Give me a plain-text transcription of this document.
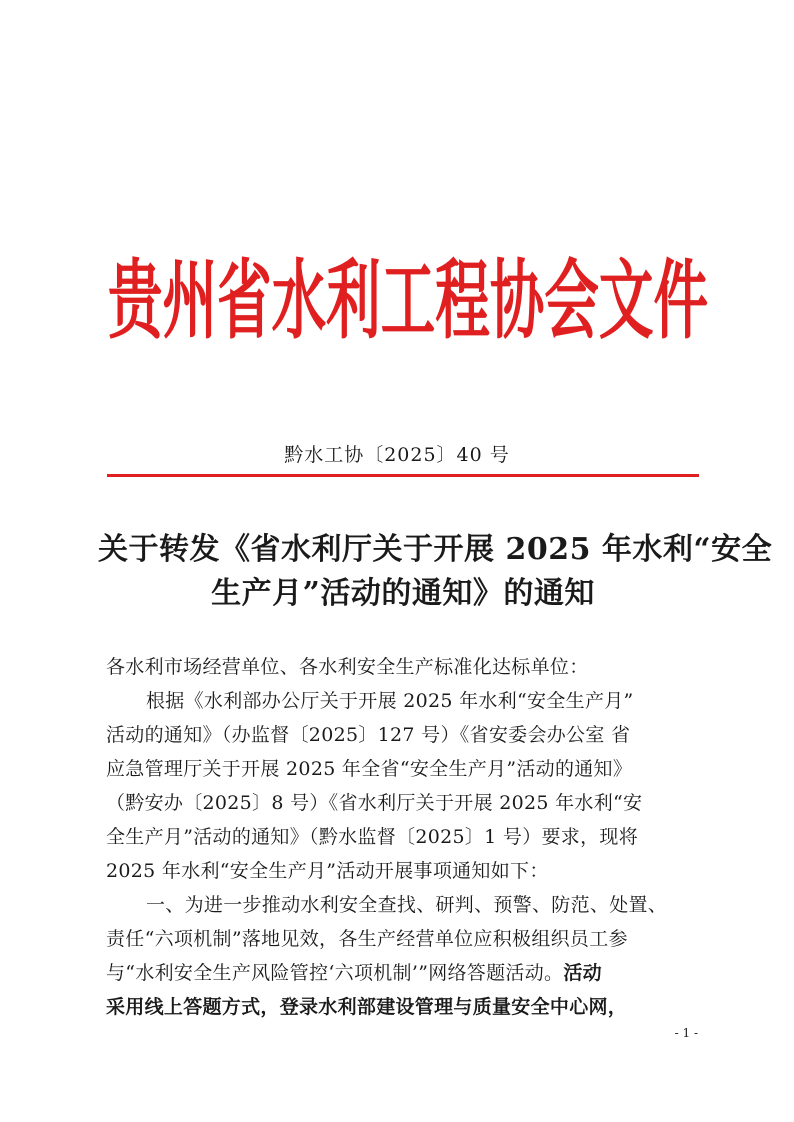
贵州省水利工程协会文件
黔水工协〔2025〕40 号
关于转发《省水利厅关于开展 2025 年水利“安全
生产月”活动的通知》的通知
各水利市场经营单位、各水利安全生产标准化达标单位：
根据《水利部办公厅关于开展 2025 年水利“安全生产月”
活动的通知》（办监督〔2025〕127 号）《省安委会办公室 省
应急管理厅关于开展 2025 年全省“安全生产月”活动的通知》
（黔安办〔2025〕8 号）《省水利厅关于开展 2025 年水利“安
全生产月”活动的通知》（黔水监督〔2025〕1 号）要求，现将
2025 年水利“安全生产月”活动开展事项通知如下：
一、为进一步推动水利安全查找、研判、预警、防范、处置、
责任“六项机制”落地见效，各生产经营单位应积极组织员工参
与“水利安全生产风险管控‘六项机制’”网络答题活动。活动
采用线上答题方式，登录水利部建设管理与质量安全中心网，
- 1 -
